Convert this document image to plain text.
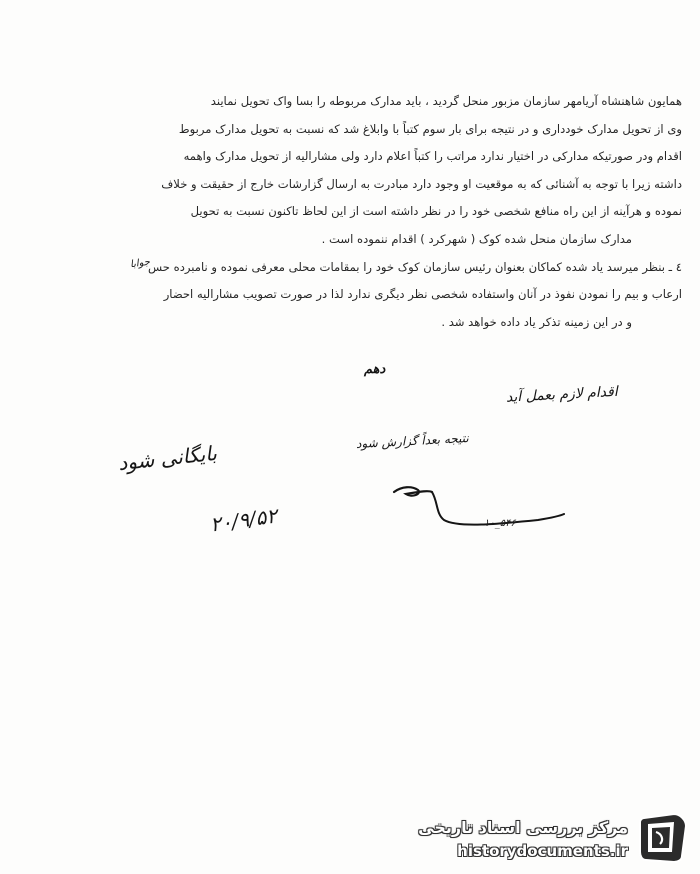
همایون شاهنشاه آریامهر سازمان مزبور منحل گردید ، باید مدارک مربوطه را بسا واک تحویل نمایند
وی از تحویل مدارک خودداری و در نتیجه برای بار سوم کتباً با وابلاغ شد که نسبت به تحویل مدارک مربوط
اقدام ودر صورتیکه مدارکی در اختیار ندارد مراتب را کتباً اعلام دارد ولی مشارالیه از تحویل مدارک واهمه
داشته زیرا با توجه به آشنائی که به موقعیت او وجود دارد مبادرت به ارسال گزارشات خارج از حقیقت و خلاف
نموده و هرآینه از این راه منافع شخصی خود را در نظر داشته است از این لحاظ تاکنون نسبت به تحویل
مدارک سازمان منحل شده کوک ( شهرکرد ) اقدام ننموده است .
٤ ـ بنظر میرسد یاد شده کماکان بعنوان رئیس سازمان کوک خود را بمقامات محلی معرفی نموده و نامبرده حس
ارعاب و بیم را نمودن نفوذ در آنان واستفاده شخصی نظر دیگری ندارد لذا در صورت تصویب مشارالیه احضار
و در این زمینه تذکر یاد داده خواهد شد .
جوابا
دهم
اقدام لازم بعمل آید
نتیجه بعداً گزارش شود
بایگانی شود
۲۰/۹/۵۲	۱۰_۵۴۶
مرکز بررسی اسناد تاریخی
historydocuments.ir
